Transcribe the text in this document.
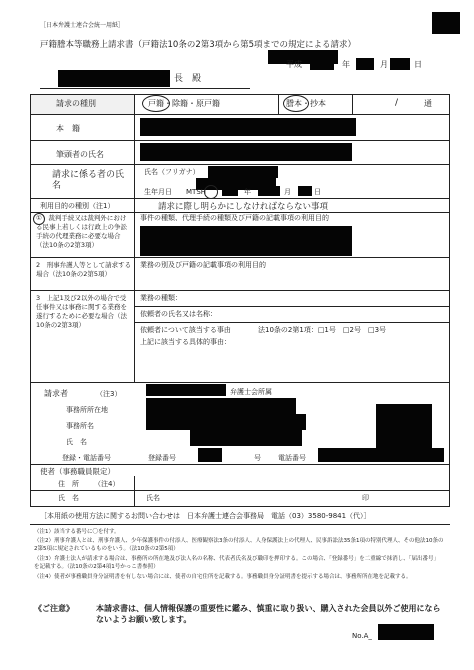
［日本弁護士連合会統一用紙］
戸籍謄本等職務上請求書（戸籍法10条の2第3項から第5項までの規定による請求）
平成	年	月	日
長　殿
請求の種別	戸籍・除籍・原戸籍	謄本・抄本	/	通
本　籍
筆頭者の氏名
請求に係る者の氏名
氏名（フリガナ）
生年月日 MTSH	年	月	日
利用目的の種別（注1）	請求に際し明らかにしなければならない事項
①　裁判手続又は裁判外における民事上若しくは行政上の争訟手続の代理業務に必要な場合（法10条の2第3項）
事件の種類、代理手続の種類及び戸籍の記載事項の利用目的
2　刑事弁護人等として請求する場合（法10条の2第5項）
業務の別及び戸籍の記載事項の利用目的
3　上記1及び2以外の場合で受任事件又は事務に関する業務を遂行するために必要な場合（法10条の2第3項）
業務の種類：
依頼者の氏名又は名称：
依頼者について該当する事由	法10条の2第1項：□1号　□2号　□3号
上記に該当する具体的事由：
請求者	（注3）	弁護士会所属
事務所所在地
事務所名
氏　名
登録・電話番号	登録番号	号 電話番号
使者（事務職員限定）
住　所 （注4）
氏　名	氏名	印
［本用紙の使用方法に関するお問い合わせは　日本弁護士連合会事務局　電話（03）3580-9841（代）］
（注1）該当する番号に〇を付す。
（注2）刑事弁護人とは、刑事弁護人、少年保護事件の付添人、医療観察法3条の付添人、人身保護法上の代理人、民事訴訟法35条1項の特別代理人、その他法10条の2第5項に規定されているものをいう。（法10条の2第5項）
（注3）弁護士法人が請求する場合は、事務所の所在地及び法人名の名称、代表者氏名及び職印を押印する。この場合、「登録番号」を二重線で抹消し、「届出番号」を記載する。（法10条の2第4項1号かっこ書参照）
（注4）使者が事務職員身分証明書を有しない場合には、使者の自宅住所を記載する。事務職員身分証明書を提示する場合は、事務所所在地を記載する。
《ご注意》	本請求書は、個人情報保護の重要性に鑑み、慎重に取り扱い、購入された会員以外ご使用にならないようお願い致します。
No.A_
